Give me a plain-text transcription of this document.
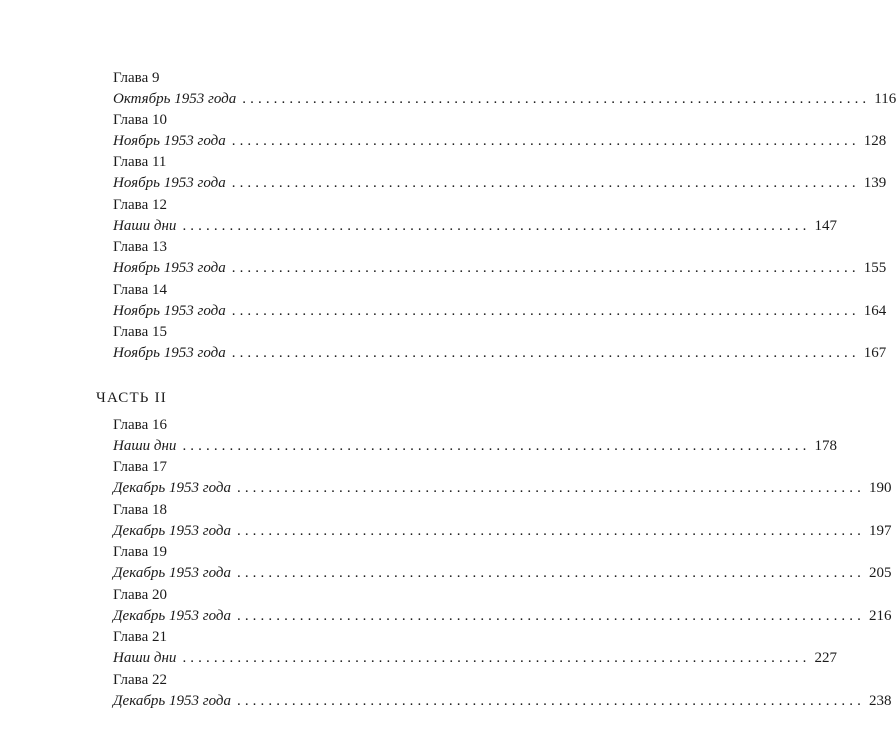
Глава 9
Октябрь 1953 года ................................................................................ 116
Глава 10
Ноябрь 1953 года ................................................................................ 128
Глава 11
Ноябрь 1953 года ................................................................................ 139
Глава 12
Наши дни ................................................................................ 147
Глава 13
Ноябрь 1953 года ................................................................................ 155
Глава 14
Ноябрь 1953 года ................................................................................ 164
Глава 15
Ноябрь 1953 года ................................................................................ 167
ЧАСТЬ II
Глава 16
Наши дни ................................................................................ 178
Глава 17
Декабрь 1953 года ................................................................................ 190
Глава 18
Декабрь 1953 года ................................................................................ 197
Глава 19
Декабрь 1953 года ................................................................................ 205
Глава 20
Декабрь 1953 года ................................................................................ 216
Глава 21
Наши дни ................................................................................ 227
Глава 22
Декабрь 1953 года ................................................................................ 238
